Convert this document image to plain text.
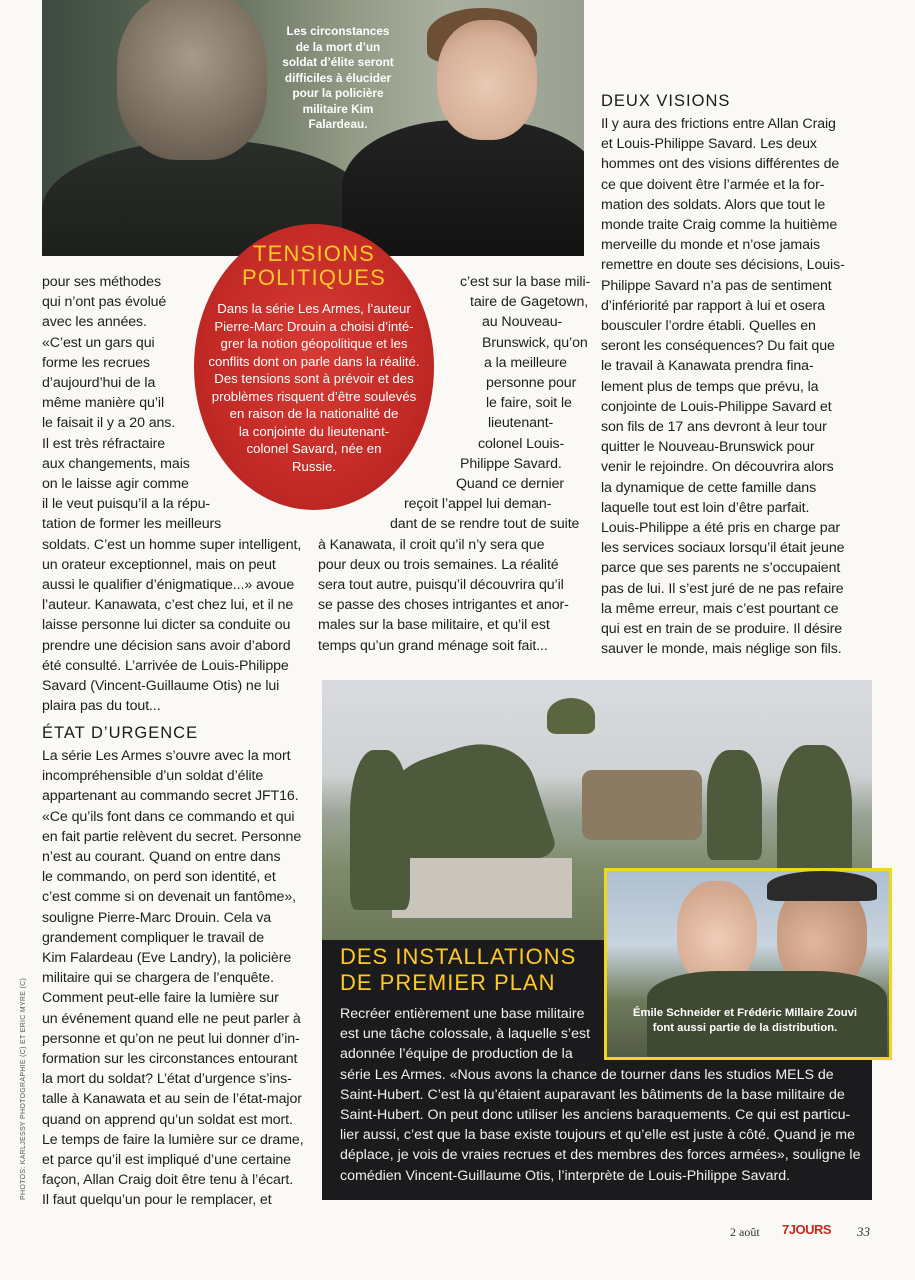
Les circonstances
de la mort d’un
soldat d’élite seront
difficiles à élucider
pour la policière
militaire Kim
Falardeau.
DEUX VISIONS
Il y aura des frictions entre Allan Craig
et Louis-Philippe Savard. Les deux
hommes ont des visions différentes de
ce que doivent être l’armée et la for-
mation des soldats. Alors que tout le
monde traite Craig comme la huitième
merveille du monde et n’ose jamais
remettre en doute ses décisions, Louis-
Philippe Savard n’a pas de sentiment
d’infériorité par rapport à lui et osera
bousculer l’ordre établi. Quelles en
seront les conséquences? Du fait que
le travail à Kanawata prendra fina-
lement plus de temps que prévu, la
conjointe de Louis-Philippe Savard et
son fils de 17 ans devront à leur tour
quitter le Nouveau-Brunswick pour
venir le rejoindre. On découvrira alors
la dynamique de cette famille dans
laquelle tout est loin d’être parfait.
Louis-Philippe a été pris en charge par
les services sociaux lorsqu’il était jeune
parce que ses parents ne s’occupaient
pas de lui. Il s’est juré de ne pas refaire
la même erreur, mais c’est pourtant ce
qui est en train de se produire. Il désire
sauver le monde, mais néglige son fils.
pour ses méthodes
qui n’ont pas évolué
avec les années.
«C’est un gars qui
forme les recrues
d’aujourd’hui de la
même manière qu’il
le faisait il y a 20 ans.
Il est très réfractaire
aux changements, mais
on le laisse agir comme
il le veut puisqu’il a la répu-
tation de former les meilleurs
soldats. C’est un homme super intelligent,
un orateur exceptionnel, mais on peut
aussi le qualifier d’énigmatique...» avoue
l’auteur. Kanawata, c’est chez lui, et il ne
laisse personne lui dicter sa conduite ou
prendre une décision sans avoir d’abord
été consulté. L’arrivée de Louis-Philippe
Savard (Vincent-Guillaume Otis) ne lui
plaira pas du tout...
c’est sur la base mili-
taire de Gagetown,
au Nouveau-
Brunswick, qu’on
a la meilleure
personne pour
le faire, soit le
lieutenant-
colonel Louis-
Philippe Savard.
Quand ce dernier
reçoit l’appel lui deman-
dant de se rendre tout de suite
à Kanawata, il croit qu’il n’y sera que
pour deux ou trois semaines. La réalité
sera tout autre, puisqu’il découvrira qu’il
se passe des choses intrigantes et anor-
males sur la base militaire, et qu’il est
temps qu’un grand ménage soit fait...
TENSIONS
POLITIQUES
Dans la série Les Armes, l’auteur
Pierre-Marc Drouin a choisi d’inté-
grer la notion géopolitique et les
conflits dont on parle dans la réalité.
Des tensions sont à prévoir et des
problèmes risquent d’être soulevés
en raison de la nationalité de
la conjointe du lieutenant-
colonel Savard, née en
Russie.
ÉTAT D’URGENCE
La série Les Armes s’ouvre avec la mort
incompréhensible d’un soldat d’élite
appartenant au commando secret JFT16.
«Ce qu’ils font dans ce commando et qui
en fait partie relèvent du secret. Personne
n’est au courant. Quand on entre dans
le commando, on perd son identité, et
c’est comme si on devenait un fantôme»,
souligne Pierre-Marc Drouin. Cela va
grandement compliquer le travail de
Kim Falardeau (Eve Landry), la policière
militaire qui se chargera de l’enquête.
Comment peut-elle faire la lumière sur
un événement quand elle ne peut parler à
personne et qu’on ne peut lui donner d’in-
formation sur les circonstances entourant
la mort du soldat? L’état d’urgence s’ins-
talle à Kanawata et au sein de l’état-major
quand on apprend qu’un soldat est mort.
Le temps de faire la lumière sur ce drame,
et parce qu’il est impliqué d’une certaine
façon, Allan Craig doit être tenu à l’écart.
Il faut quelqu’un pour le remplacer, et
Émile Schneider et Frédéric Millaire Zouvi
font aussi partie de la distribution.
DES INSTALLATIONS
DE PREMIER PLAN
Recréer entièrement une base militaire
est une tâche colossale, à laquelle s’est
adonnée l’équipe de production de la
série Les Armes. «Nous avons la chance de tourner dans les studios MELS de
Saint-Hubert. C’est là qu’étaient auparavant les bâtiments de la base militaire de
Saint-Hubert. On peut donc utiliser les anciens baraquements. Ce qui est particu-
lier aussi, c’est que la base existe toujours et qu’elle est juste à côté. Quand je me
déplace, je vois de vraies recrues et des membres des forces armées», souligne le
comédien Vincent-Guillaume Otis, l’interprète de Louis-Philippe Savard.
PHOTOS: KARLJESSY PHOTOGRAPHIE (C) ET ERIC MYRE (C)
2 août 7JOURS 33
